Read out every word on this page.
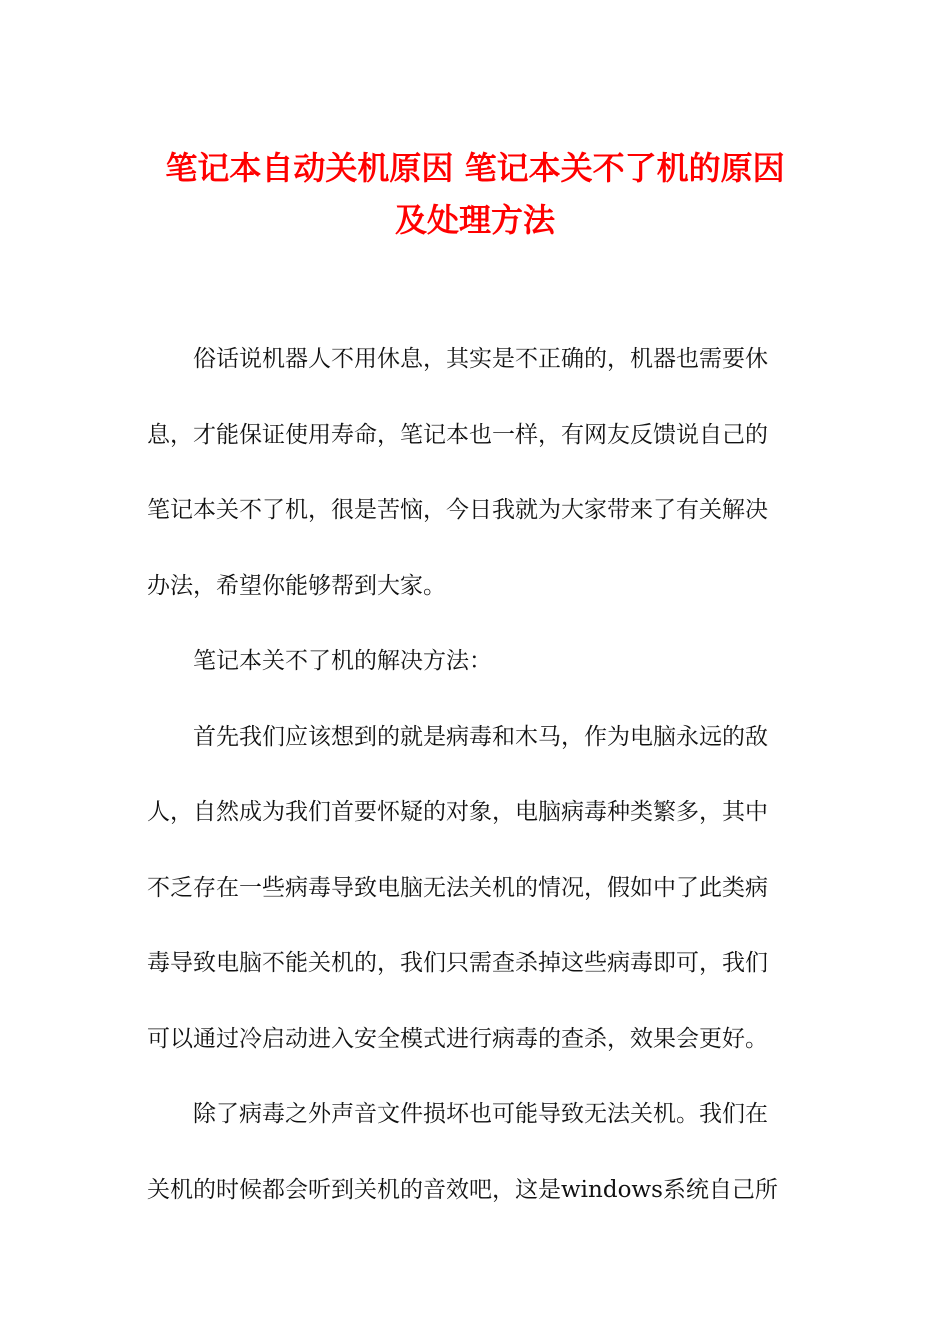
笔记本自动关机原因 笔记本关不了机的原因
及处理方法

俗话说机器人不用休息，其实是不正确的，机器也需要休
息，才能保证使用寿命，笔记本也一样，有网友反馈说自己的
笔记本关不了机，很是苦恼，今日我就为大家带来了有关解决
办法，希望你能够帮到大家。

笔记本关不了机的解决方法：

首先我们应该想到的就是病毒和木马，作为电脑永远的敌
人，自然成为我们首要怀疑的对象，电脑病毒种类繁多，其中
不乏存在一些病毒导致电脑无法关机的情况，假如中了此类病
毒导致电脑不能关机的，我们只需查杀掉这些病毒即可，我们
可以通过冷启动进入安全模式进行病毒的查杀，效果会更好。

除了病毒之外声音文件损坏也可能导致无法关机。我们在
关机的时候都会听到关机的音效吧，这是windows系统自己所
